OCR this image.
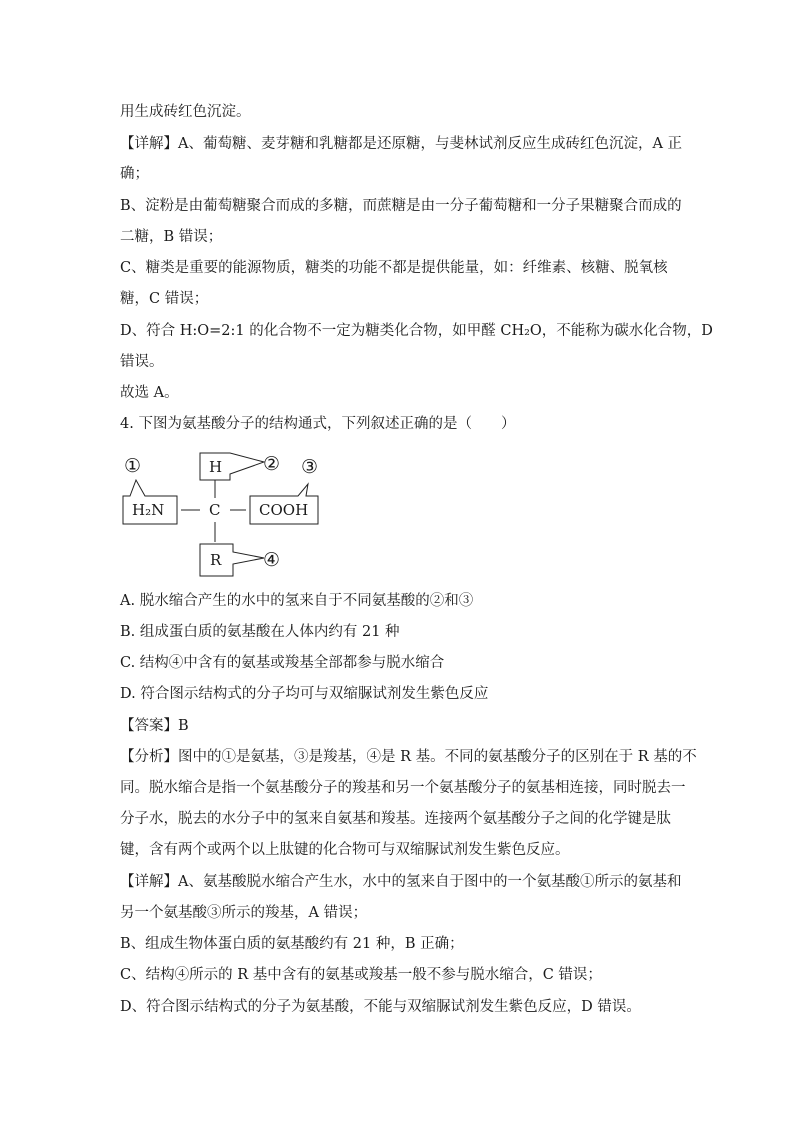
用生成砖红色沉淀。
【详解】A、葡萄糖、麦芽糖和乳糖都是还原糖，与斐林试剂反应生成砖红色沉淀，A 正
确；
B、淀粉是由葡萄糖聚合而成的多糖，而蔗糖是由一分子葡萄糖和一分子果糖聚合而成的
二糖，B 错误；
C、糖类是重要的能源物质，糖类的功能不都是提供能量，如：纤维素、核糖、脱氧核
糖，C 错误；
D、符合 H:O=2:1 的化合物不一定为糖类化合物，如甲醛 CH₂O，不能称为碳水化合物，D
错误。
故选 A。
4. 下图为氨基酸分子的结构通式，下列叙述正确的是（　　）
①	H ②
H₂N	C	COOH
③
R ④
A. 脱水缩合产生的水中的氢来自于不同氨基酸的②和③
B. 组成蛋白质的氨基酸在人体内约有 21 种
C. 结构④中含有的氨基或羧基全部都参与脱水缩合
D. 符合图示结构式的分子均可与双缩脲试剂发生紫色反应
【答案】B
【分析】图中的①是氨基，③是羧基，④是 R 基。不同的氨基酸分子的区别在于 R 基的不
同。脱水缩合是指一个氨基酸分子的羧基和另一个氨基酸分子的氨基相连接，同时脱去一
分子水，脱去的水分子中的氢来自氨基和羧基。连接两个氨基酸分子之间的化学键是肽
键，含有两个或两个以上肽键的化合物可与双缩脲试剂发生紫色反应。
【详解】A、氨基酸脱水缩合产生水，水中的氢来自于图中的一个氨基酸①所示的氨基和
另一个氨基酸③所示的羧基，A 错误；
B、组成生物体蛋白质的氨基酸约有 21 种，B 正确；
C、结构④所示的 R 基中含有的氨基或羧基一般不参与脱水缩合，C 错误；
D、符合图示结构式的分子为氨基酸，不能与双缩脲试剂发生紫色反应，D 错误。
